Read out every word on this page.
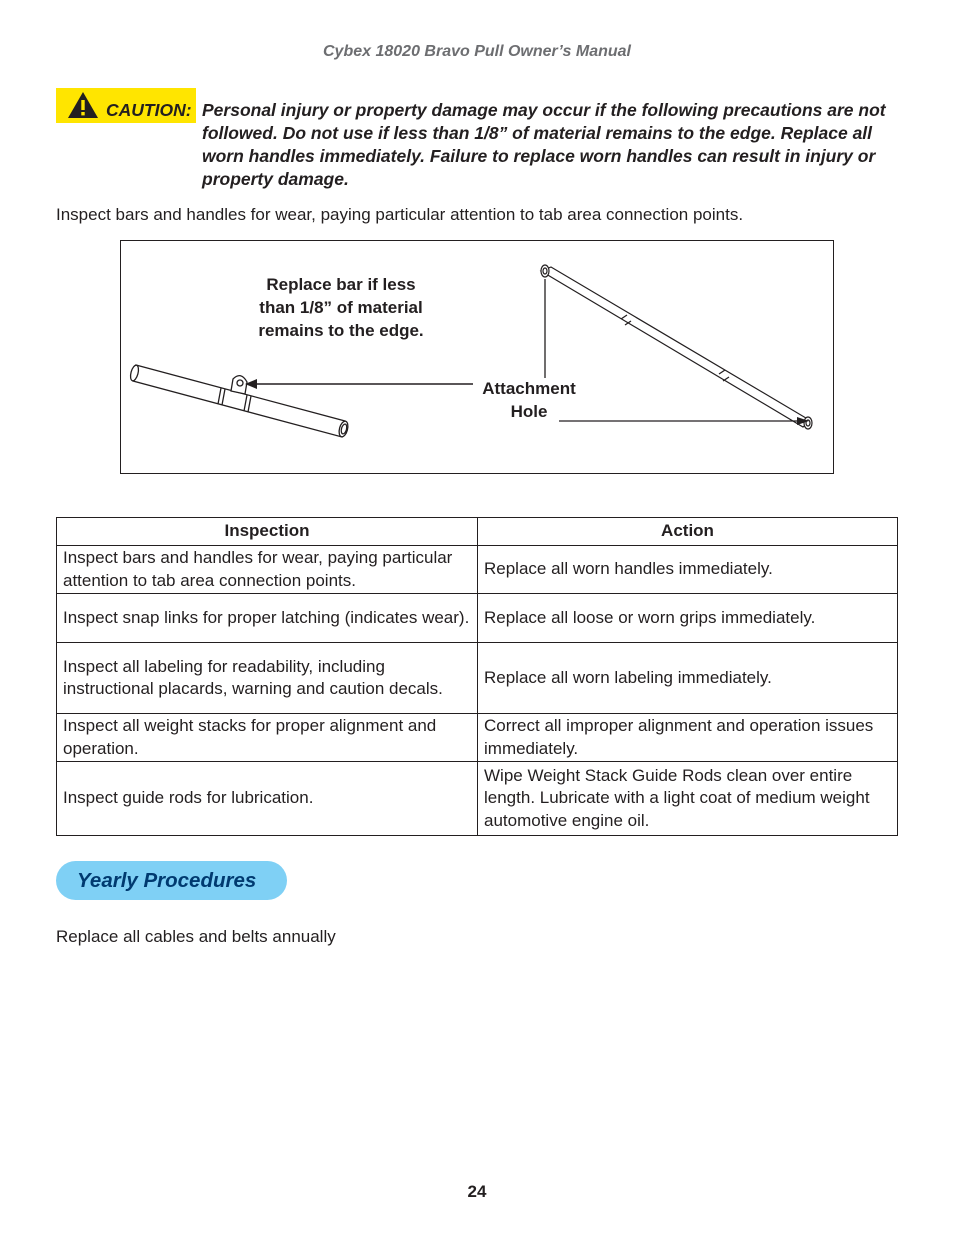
Cybex 18020 Bravo Pull Owner’s Manual
CAUTION: Personal injury or property damage may occur if the following precautions are not followed. Do not use if less than 1/8” of material remains to the edge. Replace all worn handles immediately. Failure to replace worn handles can result in injury or property damage.
Inspect bars and handles for wear, paying particular attention to tab area connection points.
Replace bar if less
than 1/8” of material
remains to the edge.
Attachment
Hole
Inspection	Action
Inspect bars and handles for wear, paying particular attention to tab area connection points.	Replace all worn handles immediately.
Inspect snap links for proper latching (indicates wear).	Replace all loose or worn grips immediately.
Inspect all labeling for readability, including instructional placards, warning and caution decals.	Replace all worn labeling immediately.
Inspect all weight stacks for proper alignment and operation.	Correct all improper alignment and operation issues immediately.
Inspect guide rods for lubrication.	Wipe Weight Stack Guide Rods clean over entire length. Lubricate with a light coat of medium weight automotive engine oil.
Yearly Procedures
Replace all cables and belts annually
24
